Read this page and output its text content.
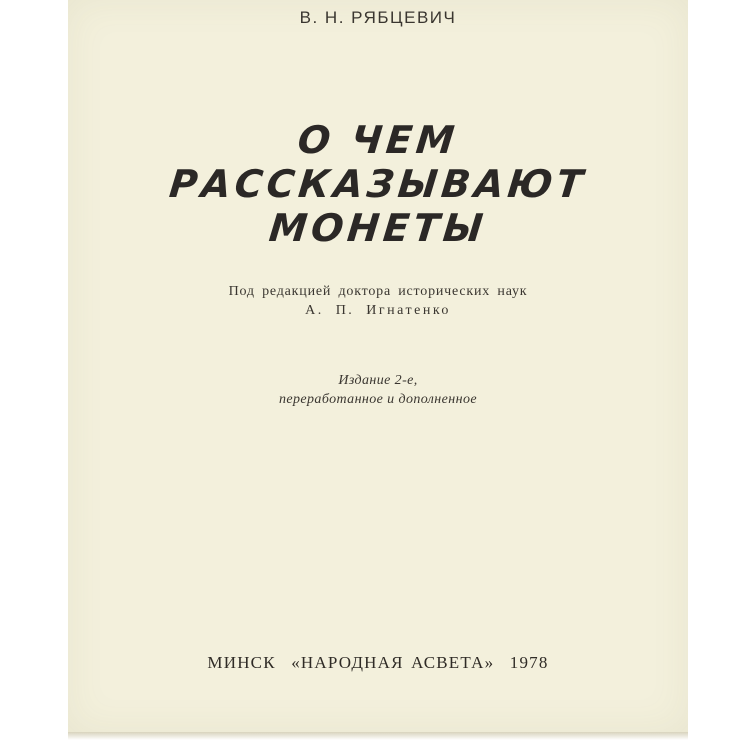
В. Н. РЯБЦЕВИЧ
О ЧЕМ
РАССКАЗЫВАЮТ
МОНЕТЫ
Под редакцией доктора исторических наук
А. П. Игнатенко
Издание 2-е,
переработанное и дополненное
МИНСК «НАРОДНАЯ АСВЕТА» 1978
